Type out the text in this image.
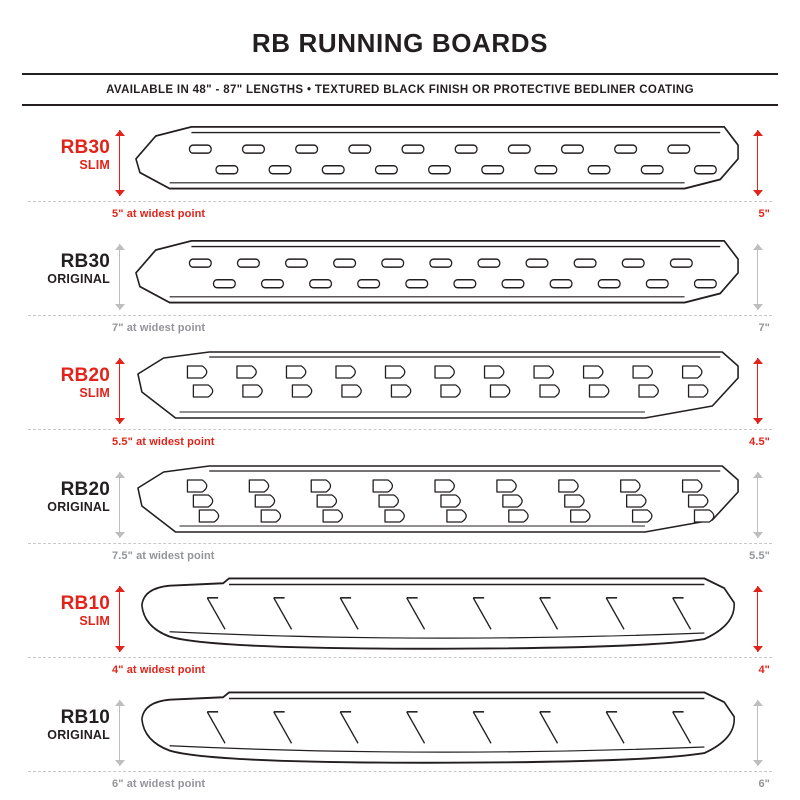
RB RUNNING BOARDS
AVAILABLE IN 48" - 87" LENGTHS • TEXTURED BLACK FINISH OR PROTECTIVE BEDLINER COATING
RB30
SLIM
5" at widest point	5"
RB30
ORIGINAL
7" at widest point	7"
RB20
SLIM
5.5" at widest point	4.5"
RB20
ORIGINAL
7.5" at widest point	5.5"
RB10
SLIM
4" at widest point	4"
RB10
ORIGINAL
6" at widest point	6"
